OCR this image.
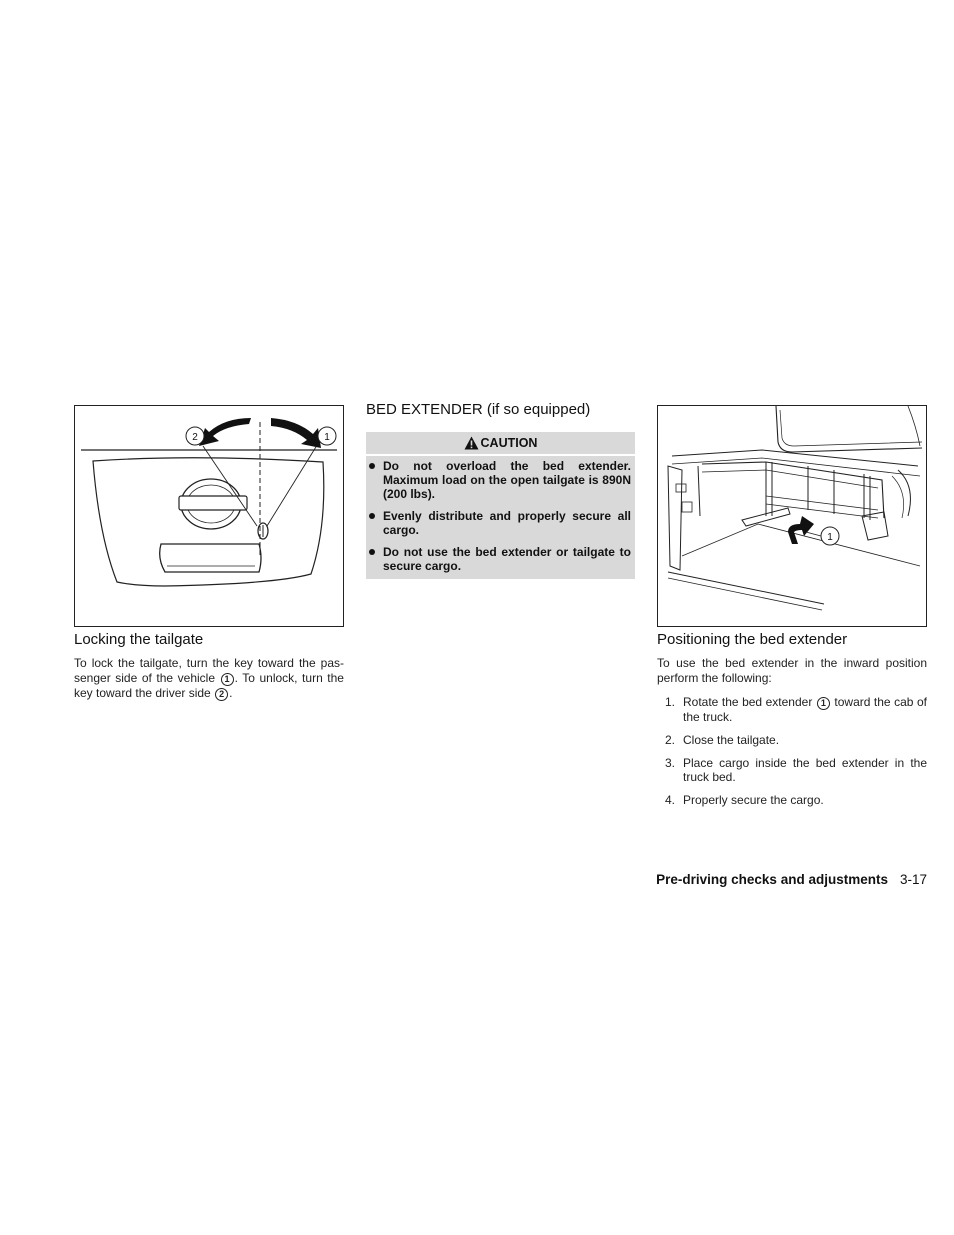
2	1
1
Locking the tailgate

To lock the tailgate, turn the key toward the pas-senger side of the vehicle 1 . To unlock, turn the key toward the driver side 2 .

BED EXTENDER (if so equipped)
CAUTION
Do not overload the bed extender. Maximum load on the open tailgate is 890N (200 lbs).
Evenly distribute and properly secure all cargo.
Do not use the bed extender or tailgate to secure cargo.
Positioning the bed extender

To use the bed extender in the inward position perform the following:

1. Rotate the bed extender 1 toward the cab of the truck.
2. Close the tailgate.
3. Place cargo inside the bed extender in the truck bed.
4. Properly secure the cargo.
Pre-driving checks and adjustments 3-17
